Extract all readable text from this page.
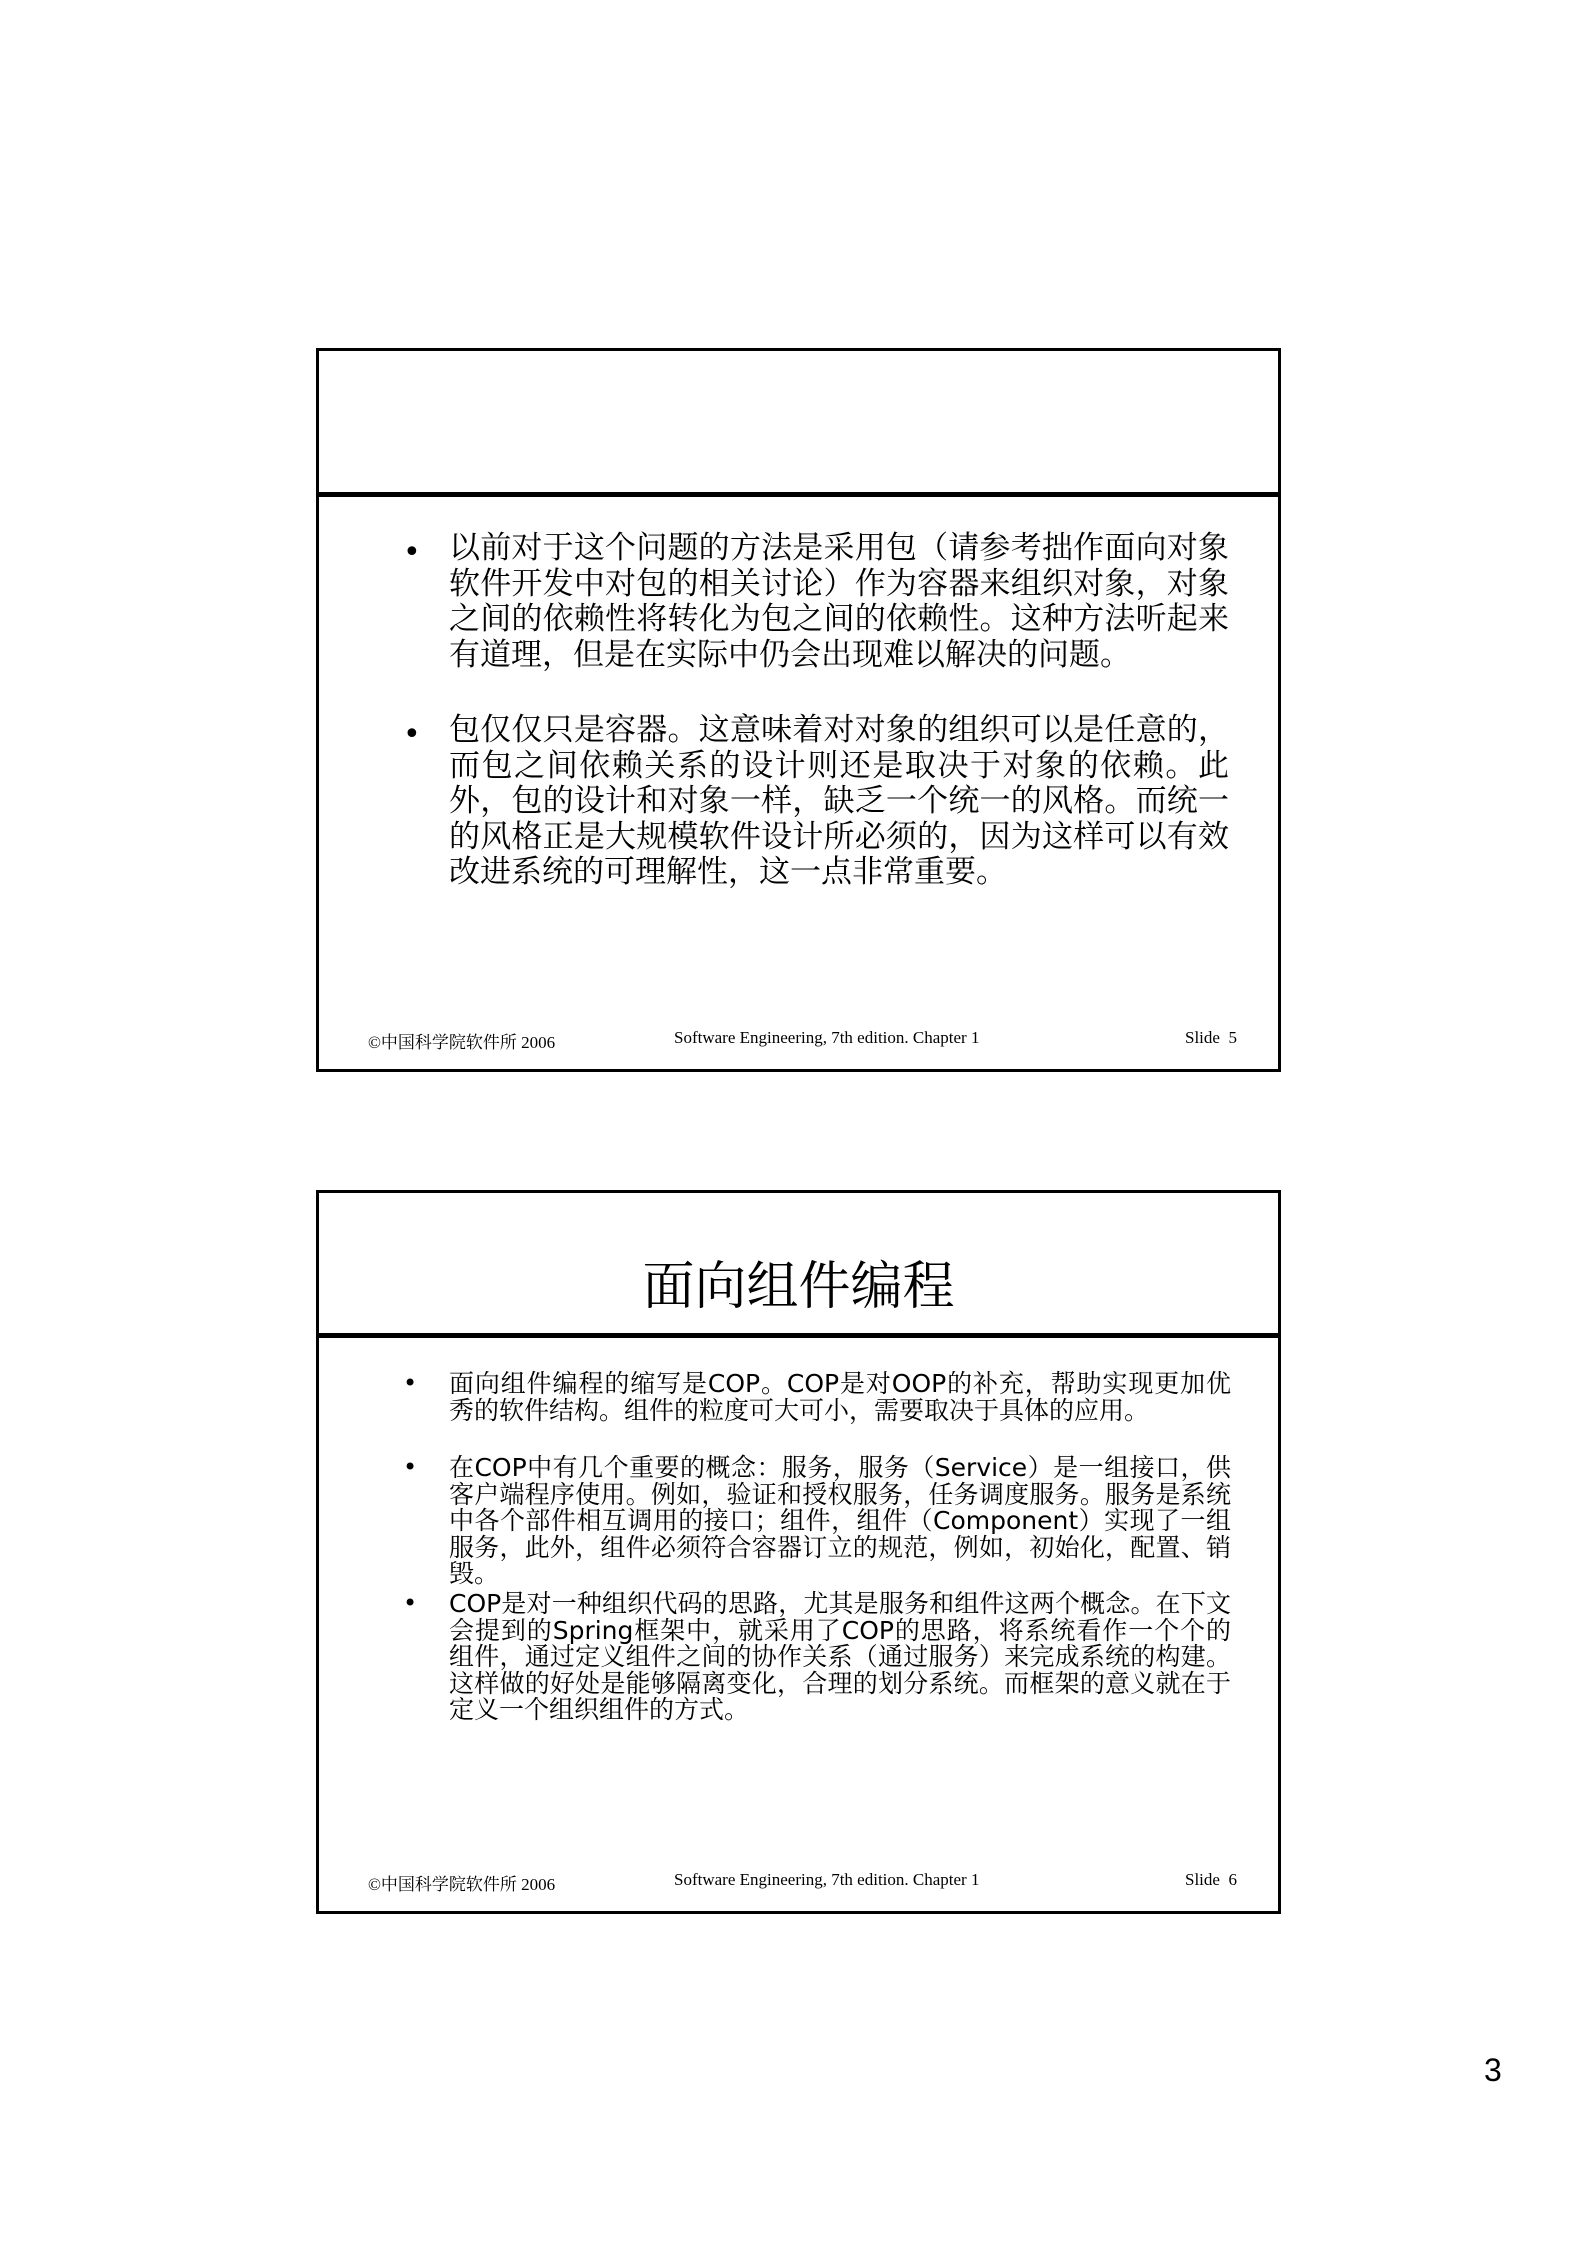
• 以前对于这个问题的方法是采用包（请参考拙作面向对象软件开发中对包的相关讨论）作为容器来组织对象，对象之间的依赖性将转化为包之间的依赖性。这种方法听起来有道理，但是在实际中仍会出现难以解决的问题。
• 包仅仅只是容器。这意味着对对象的组织可以是任意的，而包之间依赖关系的设计则还是取决于对象的依赖。此外，包的设计和对象一样，缺乏一个统一的风格。而统一的风格正是大规模软件设计所必须的，因为这样可以有效改进系统的可理解性，这一点非常重要。
©中国科学院软件所 2006	Software Engineering, 7th edition. Chapter 1	Slide  5
面向组件编程
• 面向组件编程的缩写是COP。COP是对OOP的补充，帮助实现更加优秀的软件结构。组件的粒度可大可小，需要取决于具体的应用。
• 在COP中有几个重要的概念：服务，服务（Service）是一组接口，供客户端程序使用。例如，验证和授权服务，任务调度服务。服务是系统中各个部件相互调用的接口；组件，组件（Component）实现了一组服务，此外，组件必须符合容器订立的规范，例如，初始化，配置、销毁。
• COP是对一种组织代码的思路，尤其是服务和组件这两个概念。在下文会提到的Spring框架中，就采用了COP的思路，将系统看作一个个的组件，通过定义组件之间的协作关系（通过服务）来完成系统的构建。这样做的好处是能够隔离变化，合理的划分系统。而框架的意义就在于定义一个组织组件的方式。
©中国科学院软件所 2006	Software Engineering, 7th edition. Chapter 1	Slide  6
3
